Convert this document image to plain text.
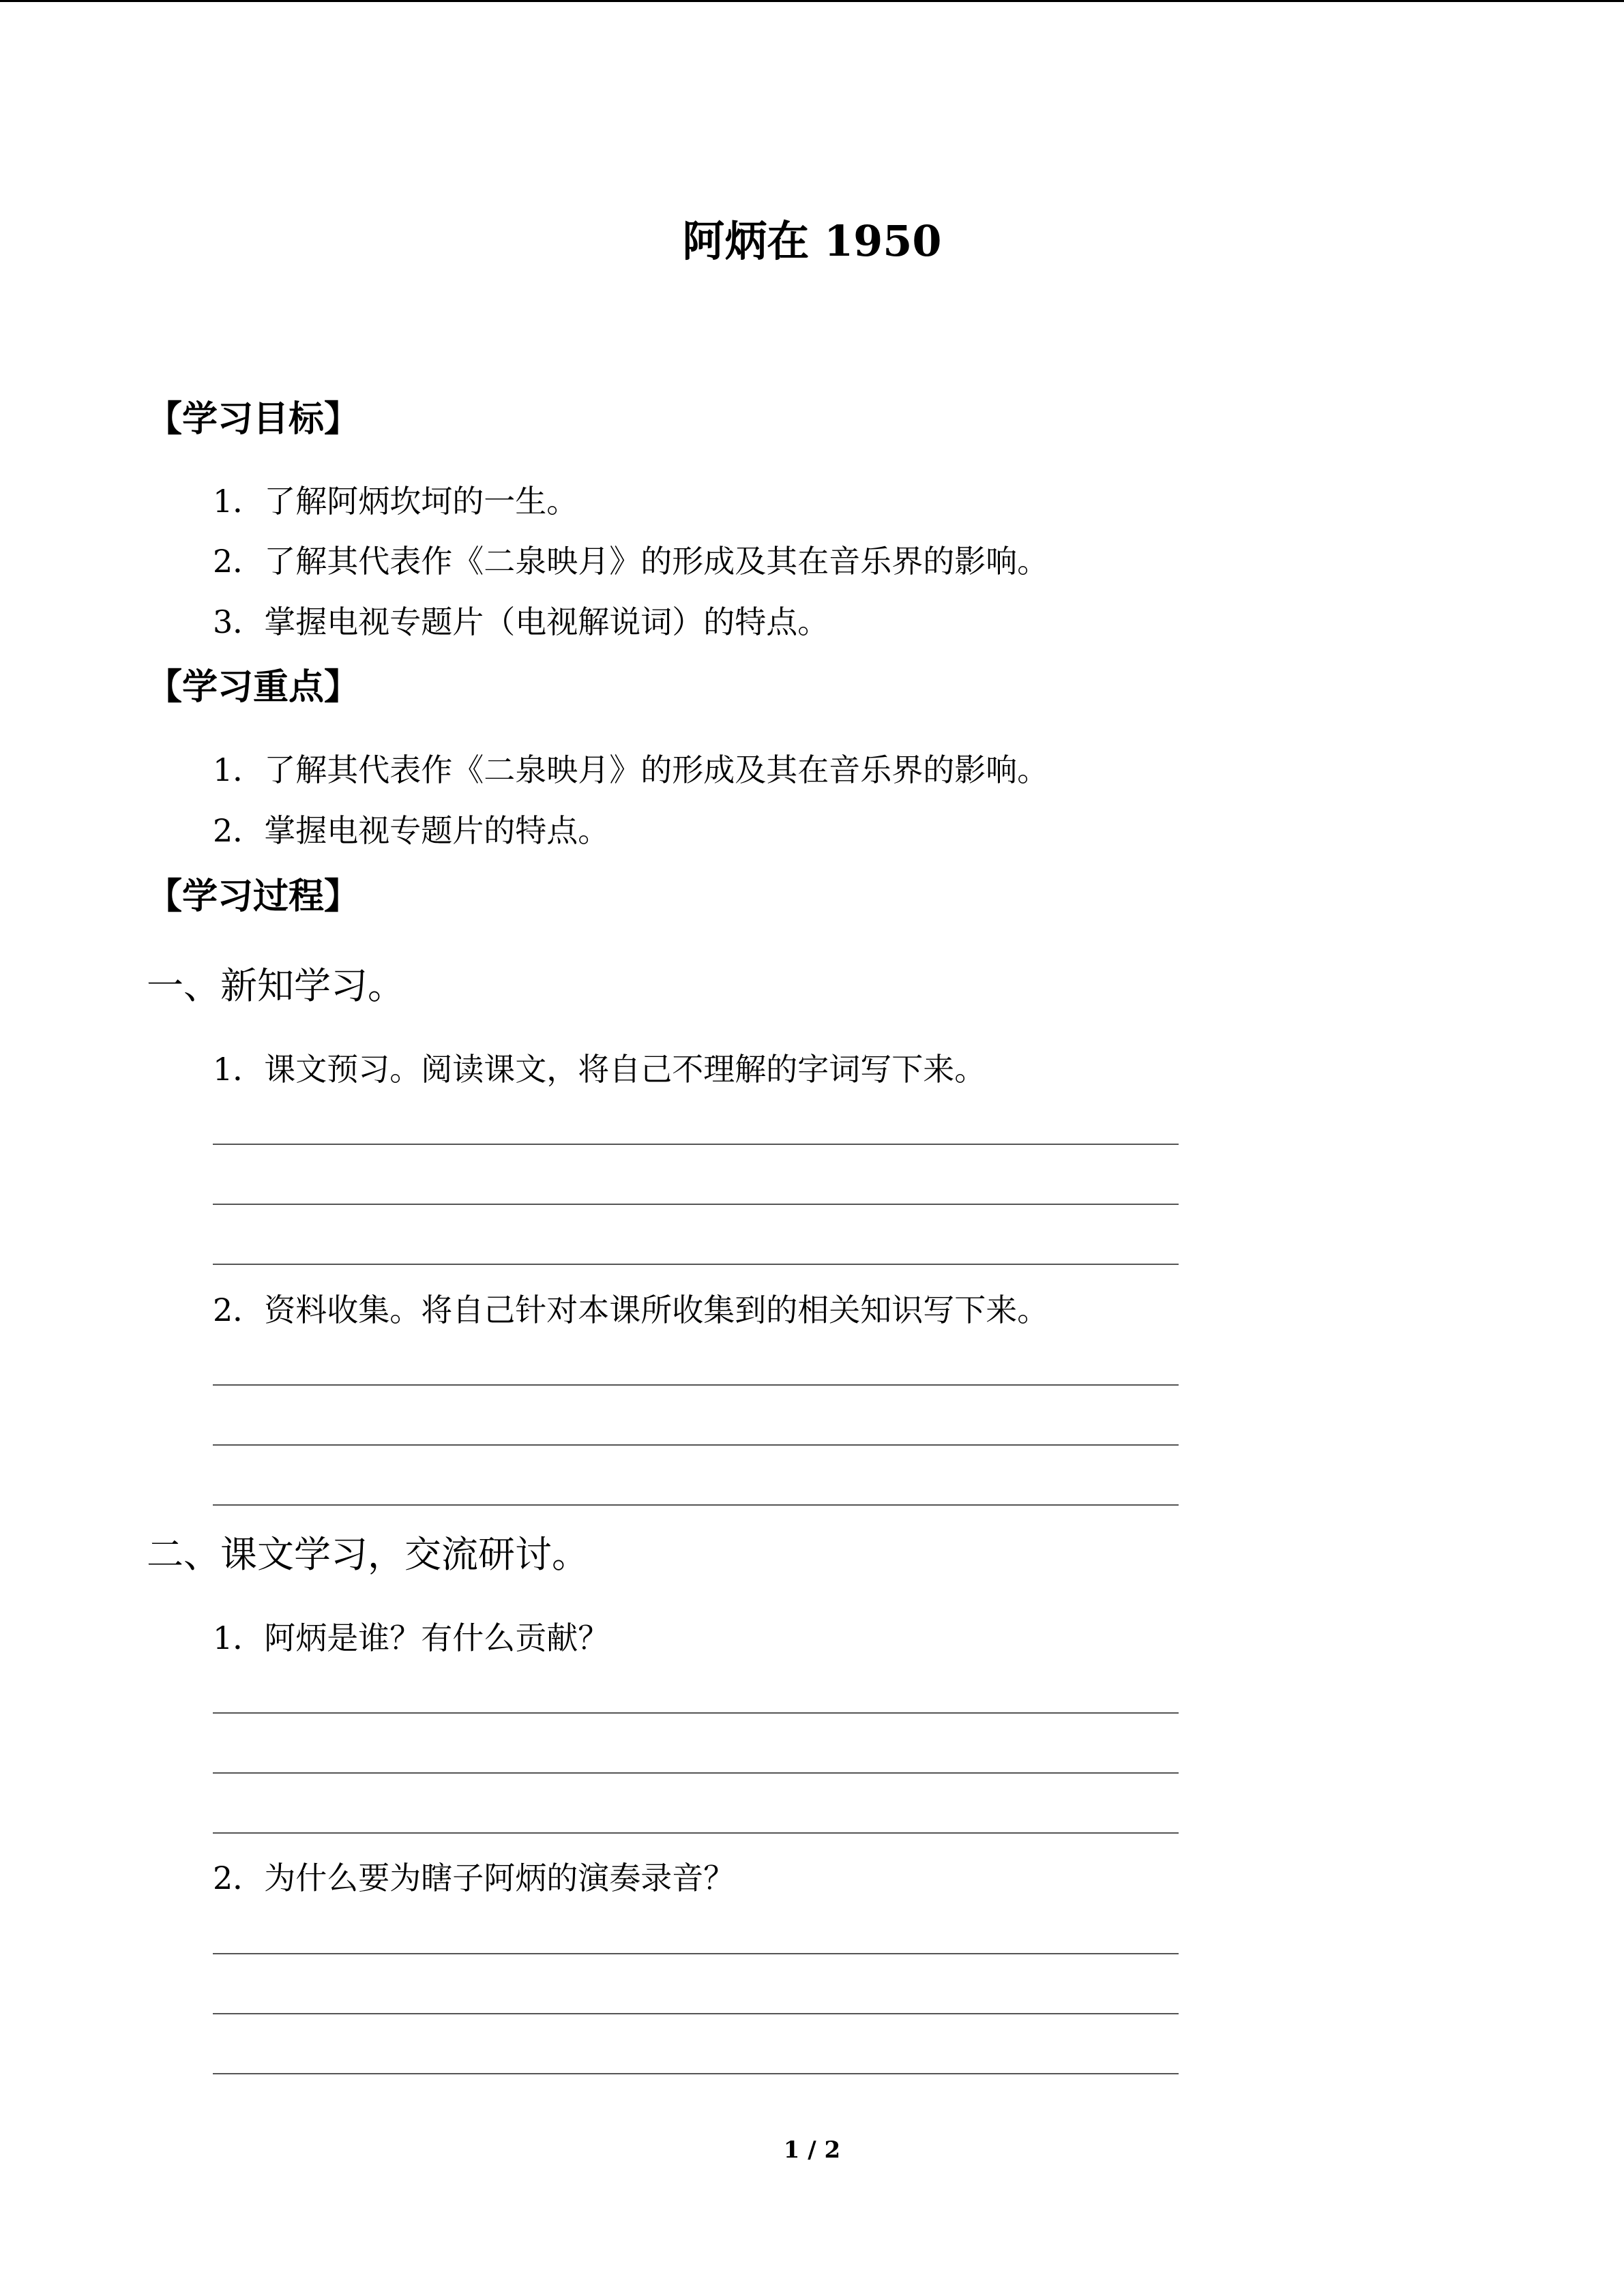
阿炳在 1950
【学习目标】
1．了解阿炳坎坷的一生。
2．了解其代表作《二泉映月》的形成及其在音乐界的影响。
3．掌握电视专题片（电视解说词）的特点。
【学习重点】
1．了解其代表作《二泉映月》的形成及其在音乐界的影响。
2．掌握电视专题片的特点。
【学习过程】
一、新知学习。
1．课文预习。阅读课文，将自己不理解的字词写下来。
2．资料收集。将自己针对本课所收集到的相关知识写下来。
二、课文学习，交流研讨。
1．阿炳是谁？有什么贡献？
2．为什么要为瞎子阿炳的演奏录音？
1 / 2
